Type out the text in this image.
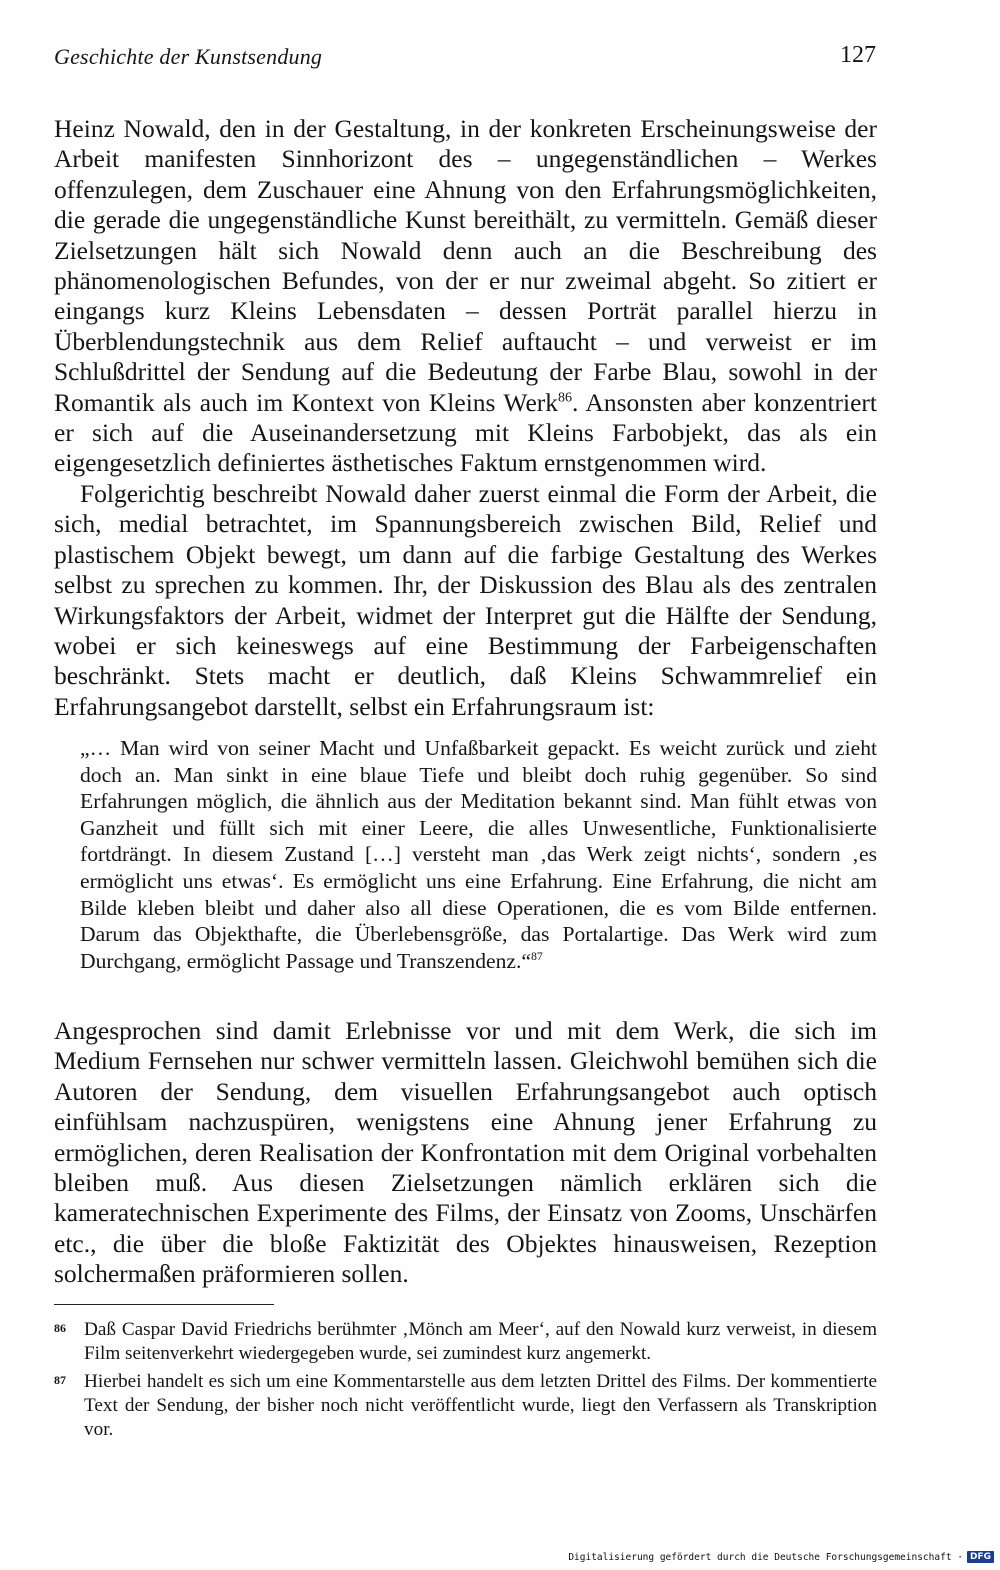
Geschichte der Kunstsendung	127

Heinz Nowald, den in der Gestaltung, in der konkreten Erscheinungsweise der Arbeit manifesten Sinnhorizont des – ungegenständlichen – Werkes offenzulegen, dem Zuschauer eine Ahnung von den Erfahrungsmöglichkeiten, die gerade die ungegenständliche Kunst bereithält, zu vermitteln. Gemäß dieser Zielsetzungen hält sich Nowald denn auch an die Beschreibung des phänomenologischen Befundes, von der er nur zweimal abgeht. So zitiert er eingangs kurz Kleins Lebensdaten – dessen Porträt parallel hierzu in Überblendungstechnik aus dem Relief auftaucht – und verweist er im Schlußdrittel der Sendung auf die Bedeutung der Farbe Blau, sowohl in der Romantik als auch im Kontext von Kleins Werk$^{86}$. Ansonsten aber konzentriert er sich auf die Auseinandersetzung mit Kleins Farbobjekt, das als ein eigengesetzlich definiertes ästhetisches Faktum ernstgenommen wird.

Folgerichtig beschreibt Nowald daher zuerst einmal die Form der Arbeit, die sich, medial betrachtet, im Spannungsbereich zwischen Bild, Relief und plastischem Objekt bewegt, um dann auf die farbige Gestaltung des Werkes selbst zu sprechen zu kommen. Ihr, der Diskussion des Blau als des zentralen Wirkungsfaktors der Arbeit, widmet der Interpret gut die Hälfte der Sendung, wobei er sich keineswegs auf eine Bestimmung der Farbeigenschaften beschränkt. Stets macht er deutlich, daß Kleins Schwammrelief ein Erfahrungsangebot darstellt, selbst ein Erfahrungsraum ist:

„… Man wird von seiner Macht und Unfaßbarkeit gepackt. Es weicht zurück und zieht doch an. Man sinkt in eine blaue Tiefe und bleibt doch ruhig gegenüber. So sind Erfahrungen möglich, die ähnlich aus der Meditation bekannt sind. Man fühlt etwas von Ganzheit und füllt sich mit einer Leere, die alles Unwesentliche, Funktionalisierte fortdrängt. In diesem Zustand […] versteht man ‚das Werk zeigt nichts‘, sondern ‚es ermöglicht uns etwas‘. Es ermöglicht uns eine Erfahrung. Eine Erfahrung, die nicht am Bilde kleben bleibt und daher also all diese Operationen, die es vom Bilde entfernen. Darum das Objekthafte, die Überlebensgröße, das Portalartige. Das Werk wird zum Durchgang, ermöglicht Passage und Transzendenz.“$^{87}$
Angesprochen sind damit Erlebnisse vor und mit dem Werk, die sich im Medium Fernsehen nur schwer vermitteln lassen. Gleichwohl bemühen sich die Autoren der Sendung, dem visuellen Erfahrungsangebot auch optisch einfühlsam nachzuspüren, wenigstens eine Ahnung jener Erfahrung zu ermöglichen, deren Realisation der Konfrontation mit dem Original vorbehalten bleiben muß. Aus diesen Zielsetzungen nämlich erklären sich die kameratechnischen Experimente des Films, der Einsatz von Zooms, Unschärfen etc., die über die bloße Faktizität des Objektes hinausweisen, Rezeption solchermaßen präformieren sollen.
86 Daß Caspar David Friedrichs berühmter ‚Mönch am Meer‘, auf den Nowald kurz verweist, in diesem Film seitenverkehrt wiedergegeben wurde, sei zumindest kurz angemerkt.
87 Hierbei handelt es sich um eine Kommentarstelle aus dem letzten Drittel des Films. Der kommentierte Text der Sendung, der bisher noch nicht veröffentlicht wurde, liegt den Verfassern als Transkription vor.
Digitalisierung gefördert durch die Deutsche Forschungsgemeinschaft · DFG
